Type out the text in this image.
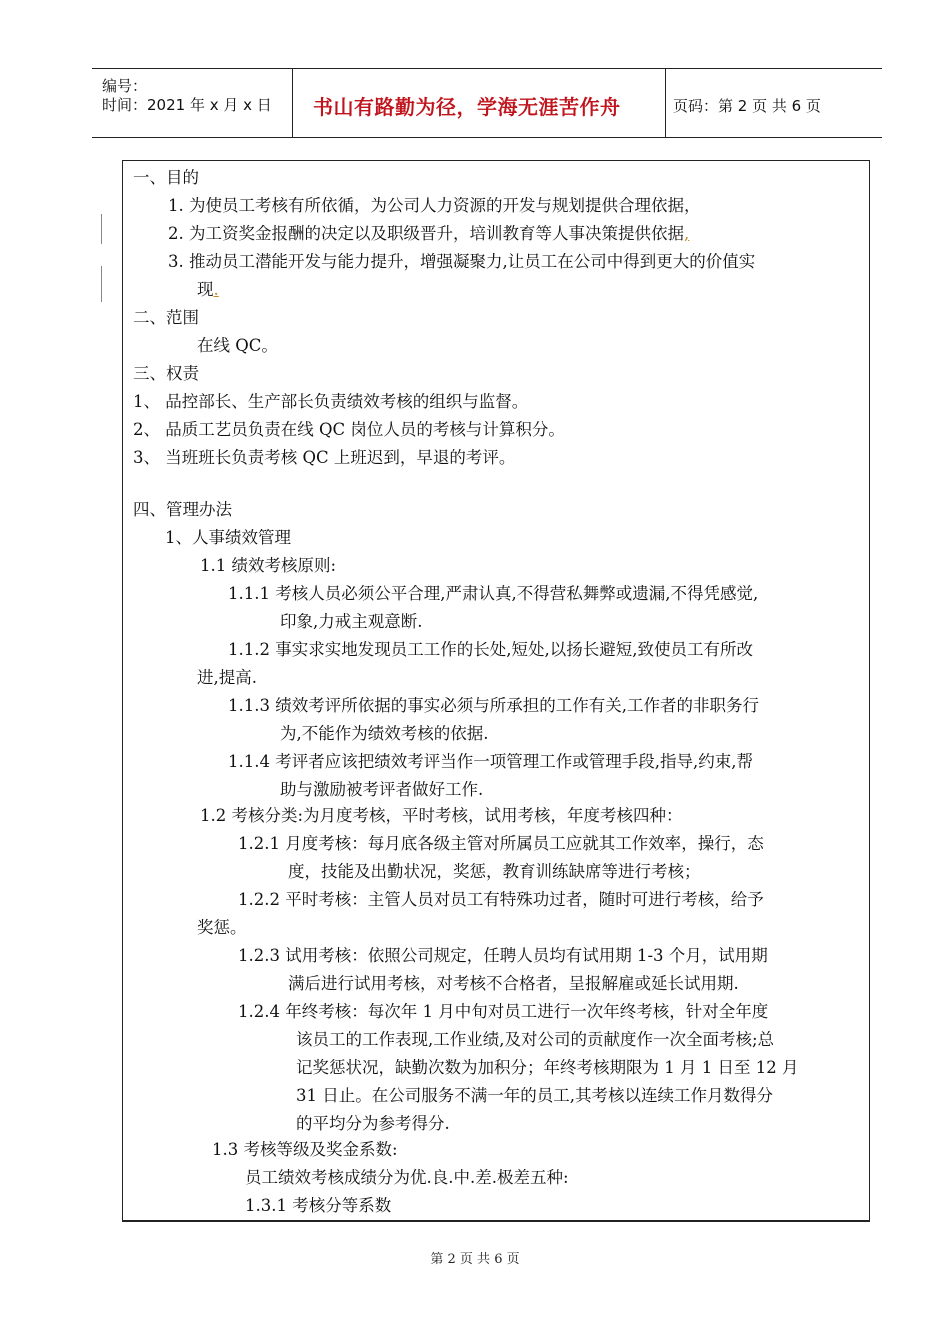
编号：
时间：2021 年 x 月 x 日 书山有路勤为径，学海无涯苦作舟	页码：第 2 页 共 6 页
一、目的
1. 为使员工考核有所依循，为公司人力资源的开发与规划提供合理依据，
2. 为工资奖金报酬的决定以及职级晋升，培训教育等人事决策提供依据,
3. 推动员工潜能开发与能力提升，增强凝聚力,让员工在公司中得到更大的价值实
现.
二、范围
在线 QC。
三、权责
1、 品控部长、生产部长负责绩效考核的组织与监督。
2、 品质工艺员负责在线 QC 岗位人员的考核与计算积分。
3、 当班班长负责考核 QC 上班迟到，早退的考评。
四、管理办法
1、人事绩效管理
1.1 绩效考核原则:
1.1.1 考核人员必须公平合理,严肃认真,不得营私舞弊或遗漏,不得凭感觉,
印象,力戒主观意断.
1.1.2 事实求实地发现员工工作的长处,短处,以扬长避短,致使员工有所改
进,提高.
1.1.3 绩效考评所依据的事实必须与所承担的工作有关,工作者的非职务行
为,不能作为绩效考核的依据.
1.1.4 考评者应该把绩效考评当作一项管理工作或管理手段,指导,约束,帮
助与激励被考评者做好工作.
1.2 考核分类:为月度考核，平时考核，试用考核，年度考核四种：
1.2.1 月度考核：每月底各级主管对所属员工应就其工作效率，操行，态
度，技能及出勤状况，奖惩，教育训练缺席等进行考核；
1.2.2 平时考核：主管人员对员工有特殊功过者，随时可进行考核，给予
奖惩。
1.2.3 试用考核：依照公司规定，任聘人员均有试用期 1-3 个月，试用期
满后进行试用考核，对考核不合格者，呈报解雇或延长试用期.
1.2.4 年终考核：每次年 1 月中旬对员工进行一次年终考核，针对全年度
该员工的工作表现,工作业绩,及对公司的贡献度作一次全面考核;总
记奖惩状况，缺勤次数为加积分；年终考核期限为 1 月 1 日至 12 月
31 日止。在公司服务不满一年的员工,其考核以连续工作月数得分
的平均分为参考得分.
1.3 考核等级及奖金系数:
员工绩效考核成绩分为优.良.中.差.极差五种:
1.3.1 考核分等系数
第 2 页 共 6 页
